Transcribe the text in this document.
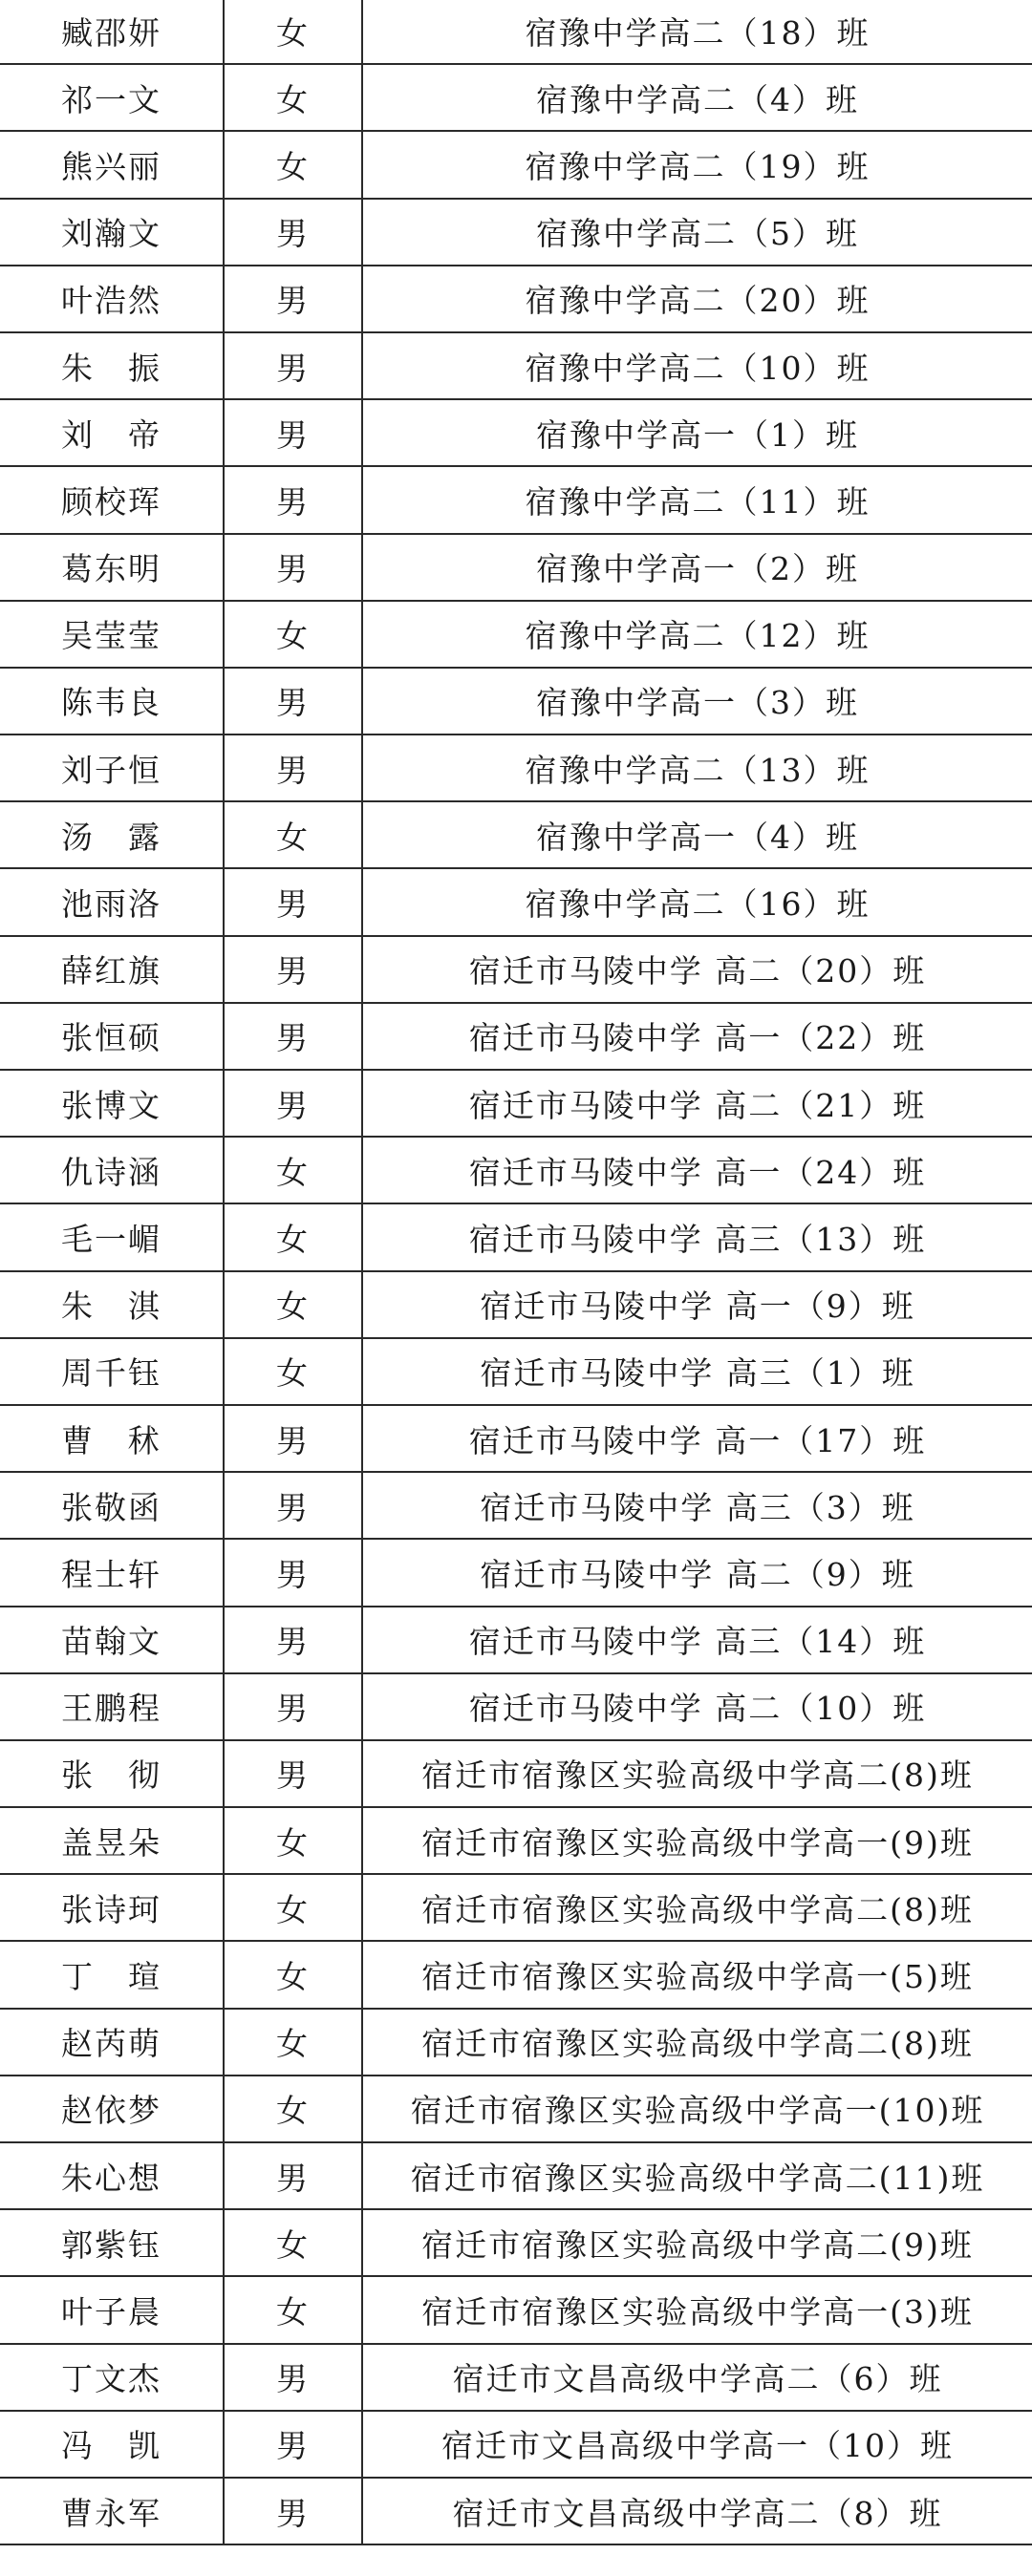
臧邵妍	女	宿豫中学高二（18）班
祁一文	女	宿豫中学高二（4）班
熊兴丽	女	宿豫中学高二（19）班
刘瀚文	男	宿豫中学高二（5）班
叶浩然	男	宿豫中学高二（20）班
朱　振	男	宿豫中学高二（10）班
刘　帝	男	宿豫中学高一（1）班
顾校珲	男	宿豫中学高二（11）班
葛东明	男	宿豫中学高一（2）班
吴莹莹	女	宿豫中学高二（12）班
陈韦良	男	宿豫中学高一（3）班
刘子恒	男	宿豫中学高二（13）班
汤　露	女	宿豫中学高一（4）班
池雨洛	男	宿豫中学高二（16）班
薛红旗	男	宿迁市马陵中学 高二（20）班
张恒硕	男	宿迁市马陵中学 高一（22）班
张博文	男	宿迁市马陵中学 高二（21）班
仇诗涵	女	宿迁市马陵中学 高一（24）班
毛一嵋	女	宿迁市马陵中学 高三（13）班
朱　淇	女	宿迁市马陵中学 高一（9）班
周千钰	女	宿迁市马陵中学 高三（1）班
曹　秫	男	宿迁市马陵中学 高一（17）班
张敬函	男	宿迁市马陵中学 高三（3）班
程士轩	男	宿迁市马陵中学 高二（9）班
苗翰文	男	宿迁市马陵中学 高三（14）班
王鹏程	男	宿迁市马陵中学 高二（10）班
张　彻	男	宿迁市宿豫区实验高级中学高二(8)班
盖昱朵	女	宿迁市宿豫区实验高级中学高一(9)班
张诗珂	女	宿迁市宿豫区实验高级中学高二(8)班
丁　瑄	女	宿迁市宿豫区实验高级中学高一(5)班
赵芮萌	女	宿迁市宿豫区实验高级中学高二(8)班
赵依梦	女	宿迁市宿豫区实验高级中学高一(10)班
朱心想	男	宿迁市宿豫区实验高级中学高二(11)班
郭紫钰	女	宿迁市宿豫区实验高级中学高二(9)班
叶子晨	女	宿迁市宿豫区实验高级中学高一(3)班
丁文杰	男	宿迁市文昌高级中学高二（6）班
冯　凯	男	宿迁市文昌高级中学高一（10）班
曹永军	男	宿迁市文昌高级中学高二（8）班
